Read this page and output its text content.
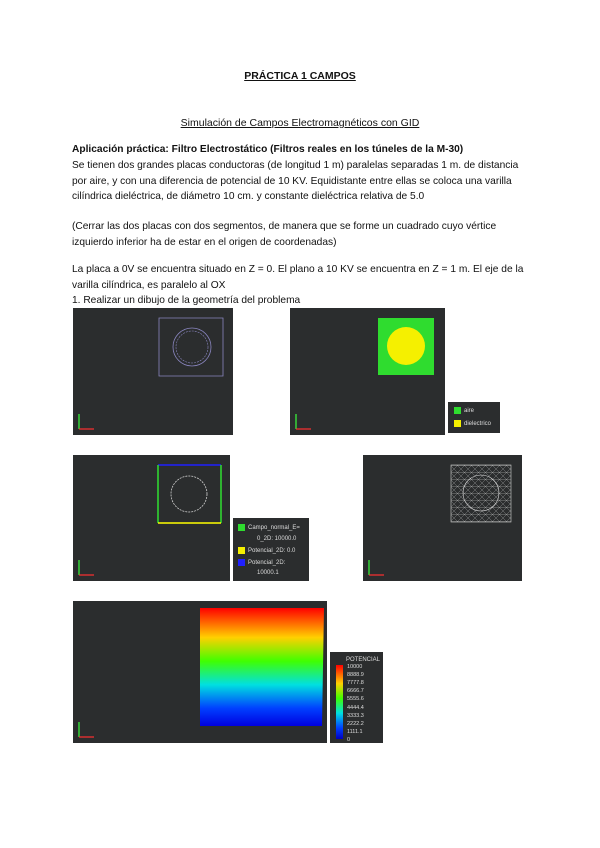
PRÁCTICA 1 CAMPOS
Simulación de Campos Electromagnéticos con GID
Aplicación práctica: Filtro Electrostático (Filtros reales en los túneles de la M-30)
Se tienen dos grandes placas conductoras (de longitud 1 m) paralelas separadas 1 m. de distancia por aire, y con una diferencia de potencial de 10 KV. Equidistante entre ellas se coloca una varilla cilíndrica dieléctrica, de diámetro 10 cm. y constante dieléctrica relativa de 5.0
(Cerrar las dos placas con dos segmentos, de manera que se forme un cuadrado cuyo vértice izquierdo inferior ha de estar en el origen de coordenadas)
La placa a 0V se encuentra situado en Z = 0. El plano a 10 KV se encuentra en Z = 1 m. El eje de la varilla cilíndrica, es paralelo al OX
1. Realizar un dibujo de la geometría del problema
aire
dielectrico
Campo_normal_E=
0_2D: 10000.0
Potencial_2D: 0.0
Potencial_2D:
10000.1
POTENCIAL
10000
8888.9
7777.8
6666.7
5555.6
4444.4
3333.3
2222.2
1111.1
0
